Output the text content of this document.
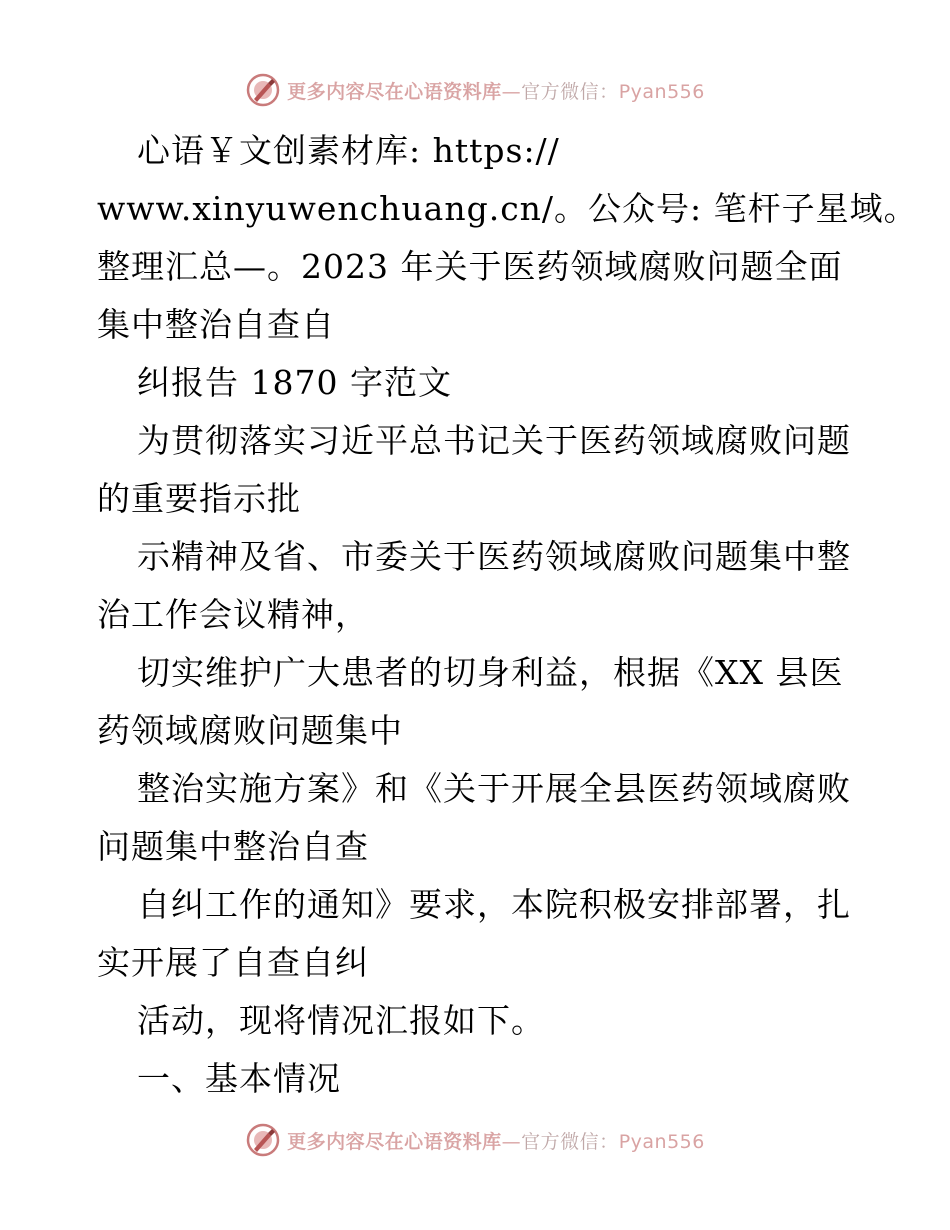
更多内容尽在心语资料库—官方微信：Pyan556
心语￥文创素材库: https://
www.xinyuwenchuang.cn/。公众号: 笔杆子星域。
整理汇总—。2023 年关于医药领域腐败问题全面
集中整治自查自
纠报告 1870 字范文
为贯彻落实习近平总书记关于医药领域腐败问题
的重要指示批
示精神及省、市委关于医药领域腐败问题集中整
治工作会议精神，
切实维护广大患者的切身利益，根据《XX 县医
药领域腐败问题集中
整治实施方案》和《关于开展全县医药领域腐败
问题集中整治自查
自纠工作的通知》要求，本院积极安排部署，扎
实开展了自查自纠
活动，现将情况汇报如下。
一、基本情况
更多内容尽在心语资料库—官方微信：Pyan556
